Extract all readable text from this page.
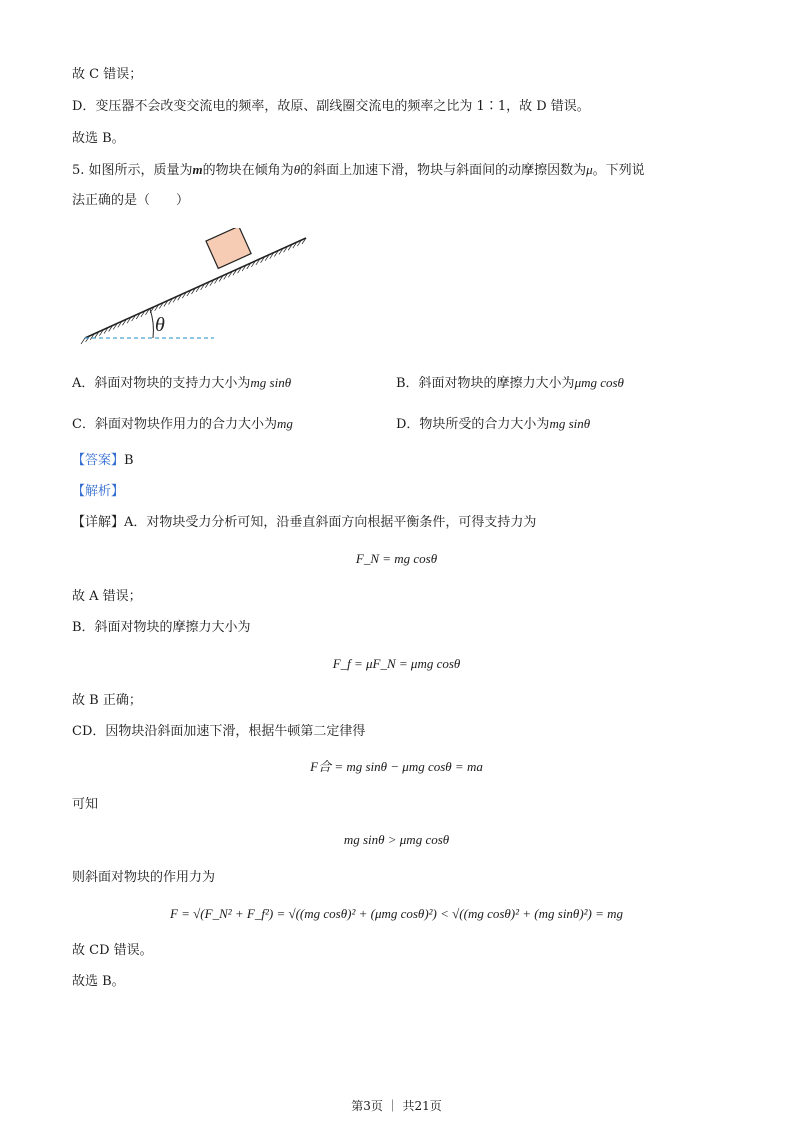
故 C 错误；
D．变压器不会改变交流电的频率，故原、副线圈交流电的频率之比为 1∶1，故 D 错误。
故选 B。
5. 如图所示，质量为m的物块在倾角为θ的斜面上加速下滑，物块与斜面间的动摩擦因数为μ。下列说
法正确的是（　　）
θ
A．斜面对物块的支持力大小为mg sinθ	B．斜面对物块的摩擦力大小为μmg cosθ
C．斜面对物块作用力的合力大小为mg	D．物块所受的合力大小为mg sinθ
【答案】B
【解析】
【详解】A．对物块受力分析可知，沿垂直斜面方向根据平衡条件，可得支持力为
F_N = mg cosθ
故 A 错误；
B．斜面对物块的摩擦力大小为
F_f = μF_N = μmg cosθ
故 B 正确；
CD．因物块沿斜面加速下滑，根据牛顿第二定律得
F合 = mg sinθ − μmg cosθ = ma
可知
mg sinθ > μmg cosθ
则斜面对物块的作用力为
F = √(F_N² + F_f²) = √((mg cosθ)² + (μmg cosθ)²) < √((mg cosθ)² + (mg sinθ)²) = mg
故 CD 错误。
故选 B。
第3页 ｜ 共21页
